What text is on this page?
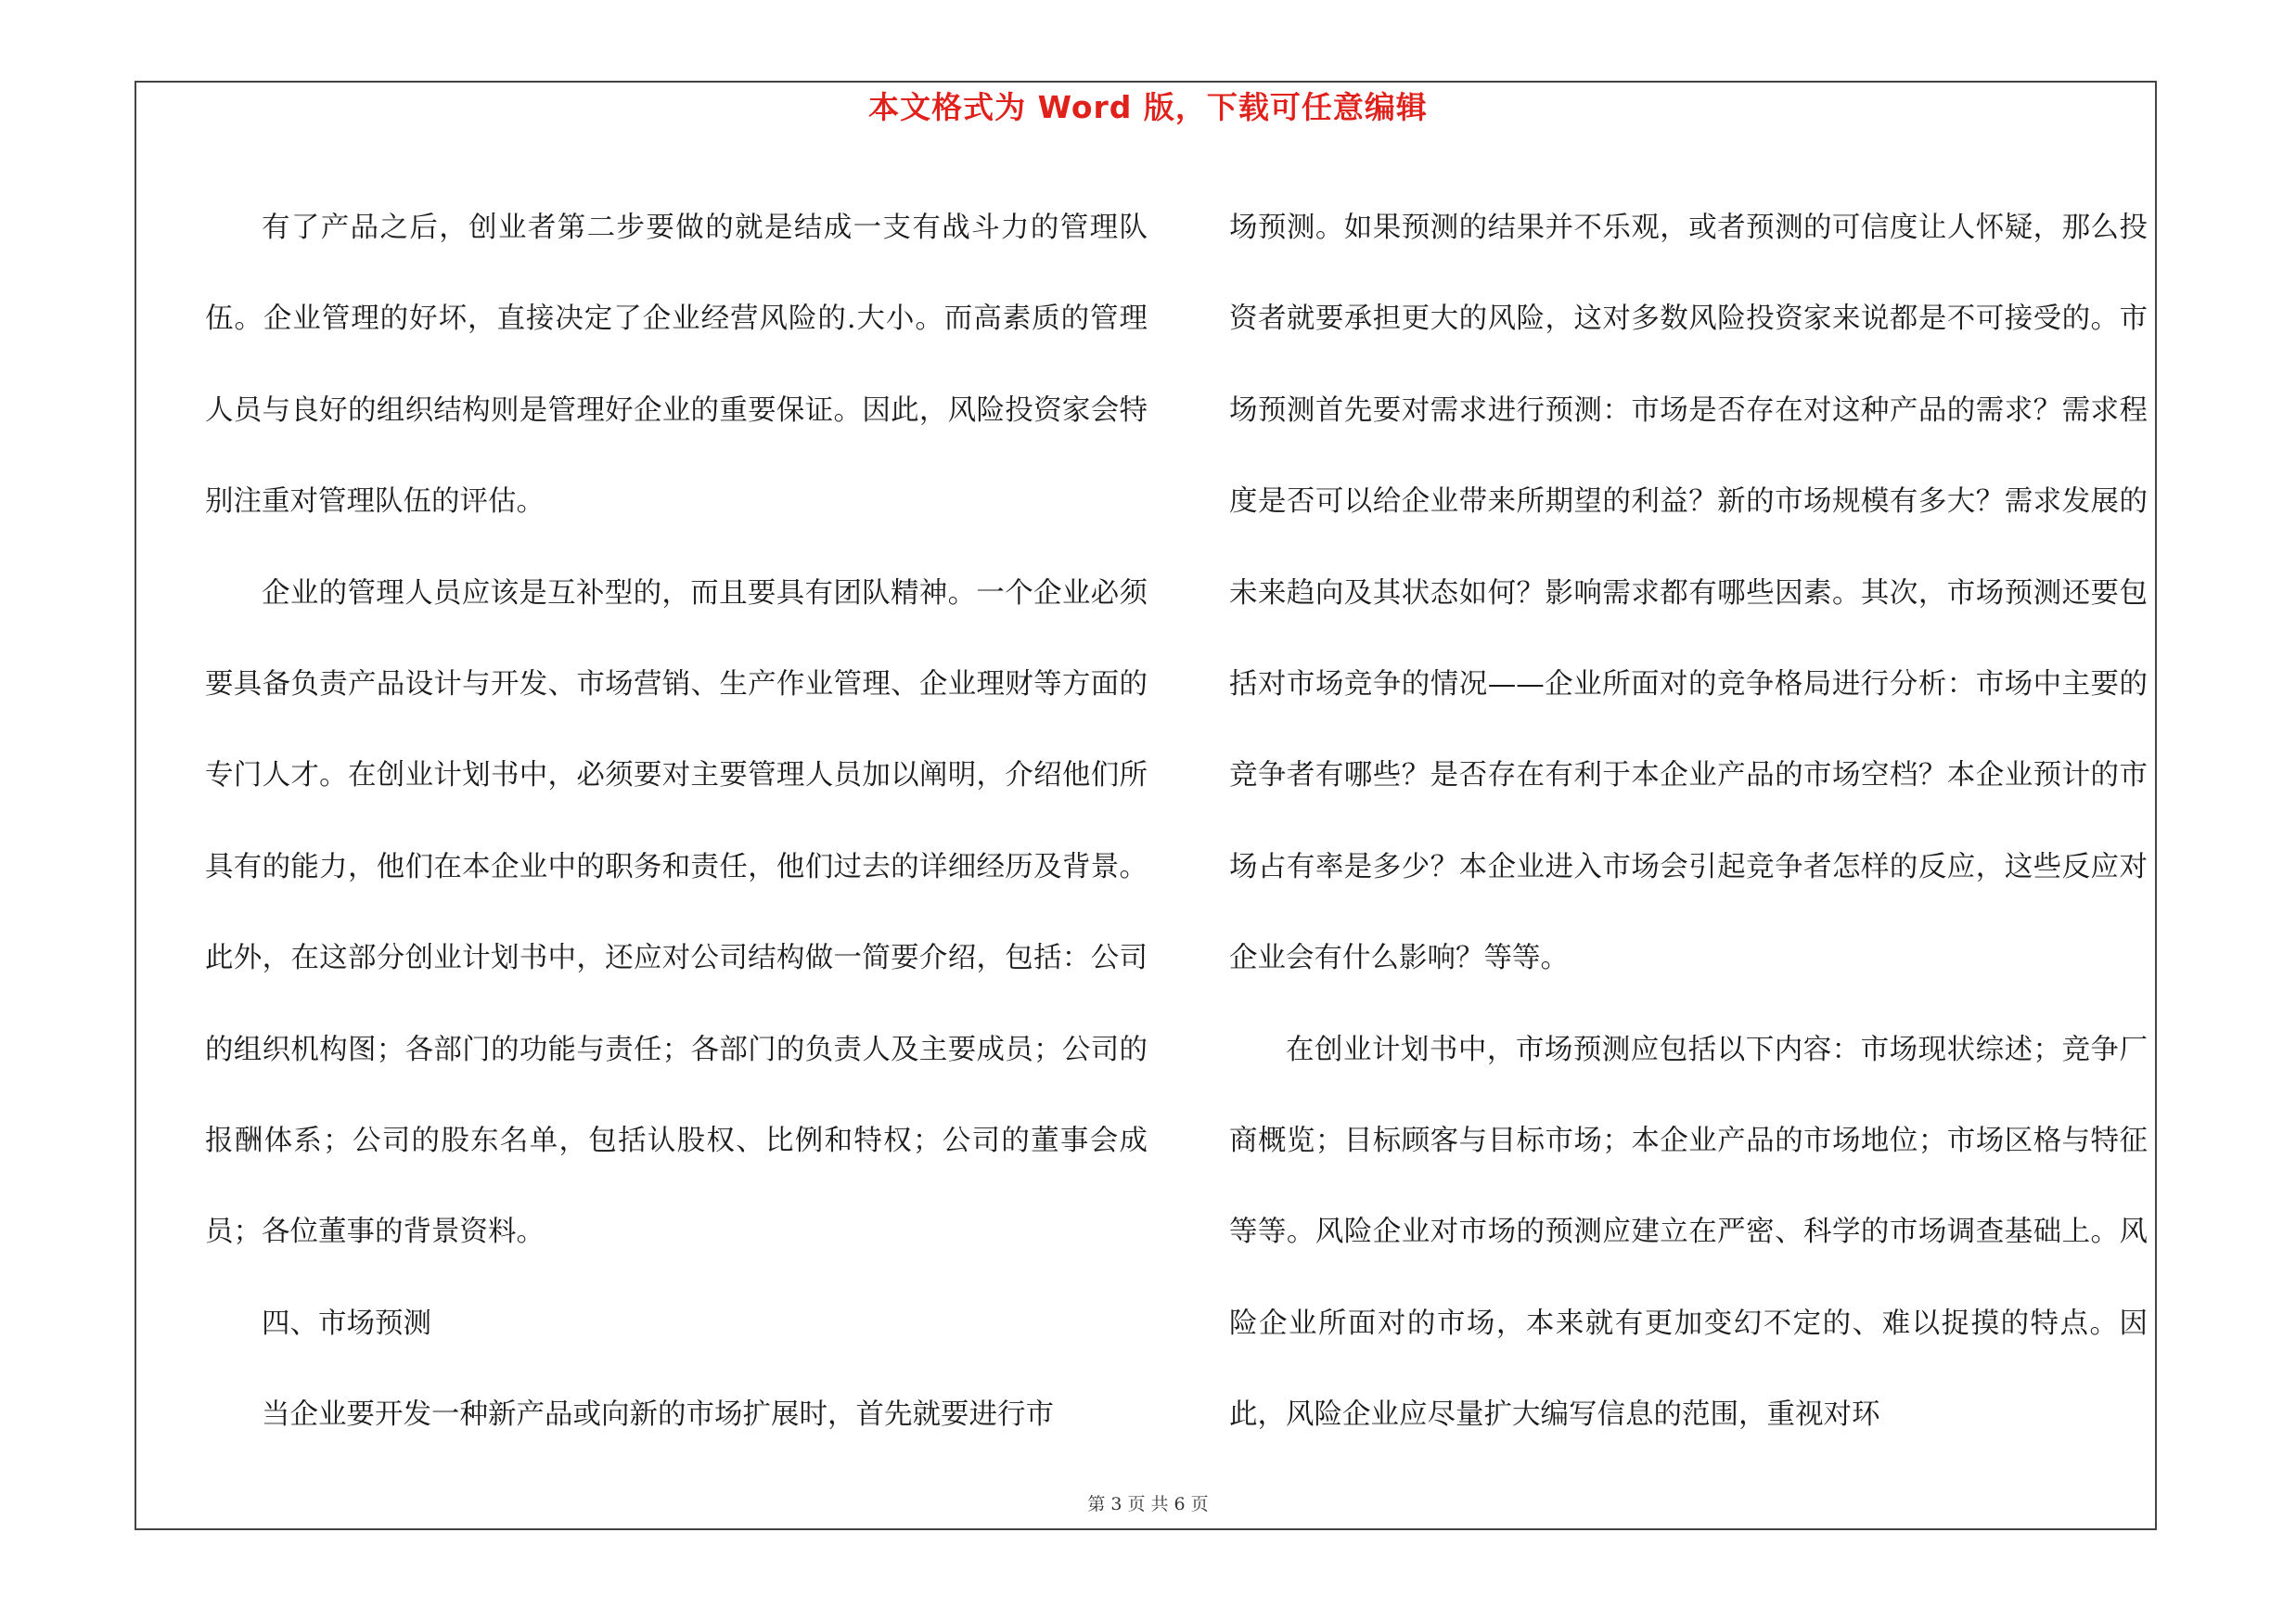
本文格式为 Word 版，下载可任意编辑

有了产品之后，创业者第二步要做的就是结成一支有战斗力的管理队伍。企业管理的好坏，直接决定了企业经营风险的.大小。而高素质的管理人员与良好的组织结构则是管理好企业的重要保证。因此，风险投资家会特别注重对管理队伍的评估。

企业的管理人员应该是互补型的，而且要具有团队精神。一个企业必须要具备负责产品设计与开发、市场营销、生产作业管理、企业理财等方面的专门人才。在创业计划书中，必须要对主要管理人员加以阐明，介绍他们所具有的能力，他们在本企业中的职务和责任，他们过去的详细经历及背景。此外，在这部分创业计划书中，还应对公司结构做一简要介绍，包括：公司的组织机构图；各部门的功能与责任；各部门的负责人及主要成员；公司的报酬体系；公司的股东名单，包括认股权、比例和特权；公司的董事会成员；各位董事的背景资料。

四、市场预测

当企业要开发一种新产品或向新的市场扩展时，首先就要进行市

场预测。如果预测的结果并不乐观，或者预测的可信度让人怀疑，那么投资者就要承担更大的风险，这对多数风险投资家来说都是不可接受的。市场预测首先要对需求进行预测：市场是否存在对这种产品的需求？需求程度是否可以给企业带来所期望的利益？新的市场规模有多大？需求发展的未来趋向及其状态如何？影响需求都有哪些因素。其次，市场预测还要包括对市场竞争的情况——企业所面对的竞争格局进行分析：市场中主要的竞争者有哪些？是否存在有利于本企业产品的市场空档？本企业预计的市场占有率是多少？本企业进入市场会引起竞争者怎样的反应，这些反应对企业会有什么影响？等等。

在创业计划书中，市场预测应包括以下内容：市场现状综述；竞争厂商概览；目标顾客与目标市场；本企业产品的市场地位；市场区格与特征等等。风险企业对市场的预测应建立在严密、科学的市场调查基础上。风险企业所面对的市场，本来就有更加变幻不定的、难以捉摸的特点。因此，风险企业应尽量扩大编写信息的范围，重视对环

第 3 页 共 6 页
